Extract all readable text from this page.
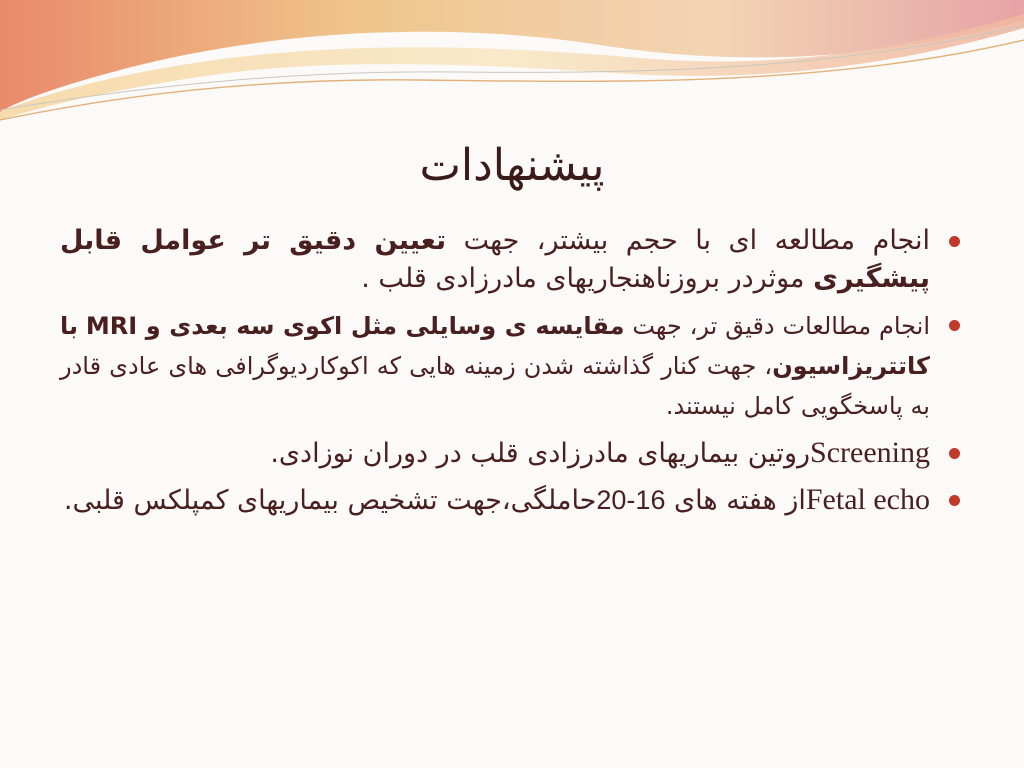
پیشنهادات
انجام مطالعه ای با حجم بیشتر، جهت تعیین دقیق تر عوامل قابل پیشگیری موثردر بروزناهنجاریهای مادرزادی قلب .
انجام مطالعات دقیق تر، جهت مقایسه ی وسایلی مثل اکوی سه بعدی و MRI با کاتتریزاسیون، جهت کنار گذاشته شدن زمینه هایی که اکوکاردیوگرافی های عادی قادر به پاسخگویی کامل نیستند.
Screeningروتین بیماریهای مادرزادی قلب در دوران نوزادی.
Fetal echoاز هفته های 16-20حاملگی،جهت تشخیص بیماریهای کمپلکس قلبی.
